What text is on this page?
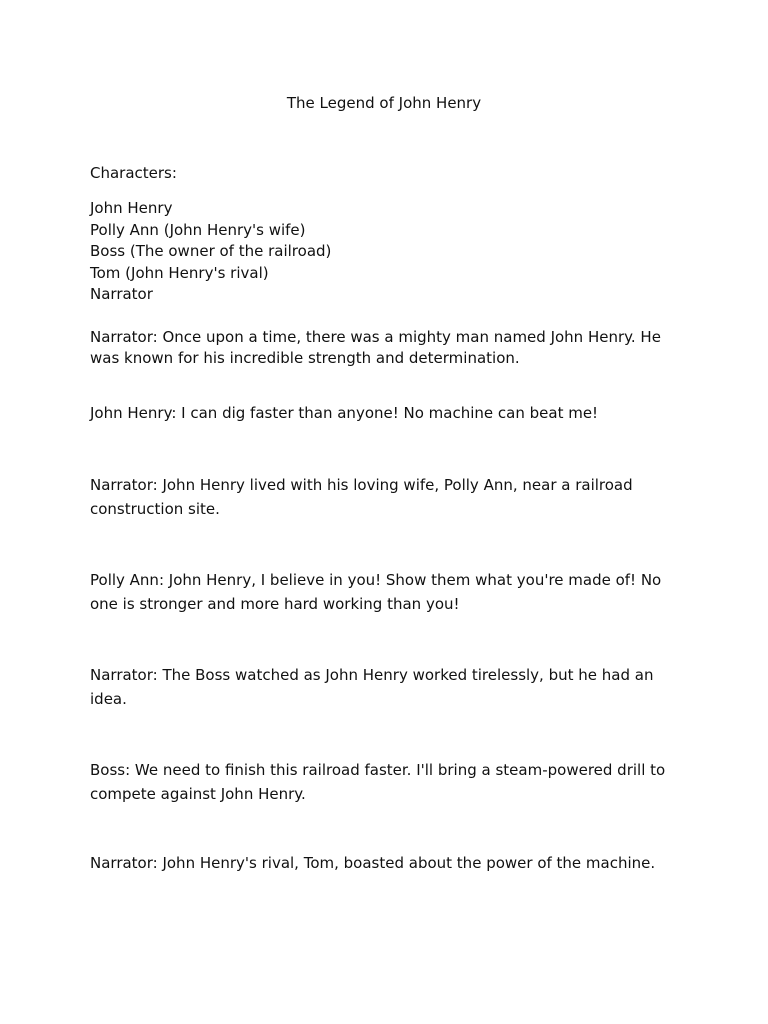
The Legend of John Henry
Characters:
John Henry
Polly Ann (John Henry's wife)
Boss (The owner of the railroad)
Tom (John Henry's rival)
Narrator
Narrator: Once upon a time, there was a mighty man named John Henry. He
was known for his incredible strength and determination.
John Henry: I can dig faster than anyone! No machine can beat me!
Narrator: John Henry lived with his loving wife, Polly Ann, near a railroad
construction site.
Polly Ann: John Henry, I believe in you! Show them what you're made of! No
one is stronger and more hard working than you!
Narrator: The Boss watched as John Henry worked tirelessly, but he had an
idea.
Boss: We need to finish this railroad faster. I'll bring a steam-powered drill to
compete against John Henry.
Narrator: John Henry's rival, Tom, boasted about the power of the machine.
